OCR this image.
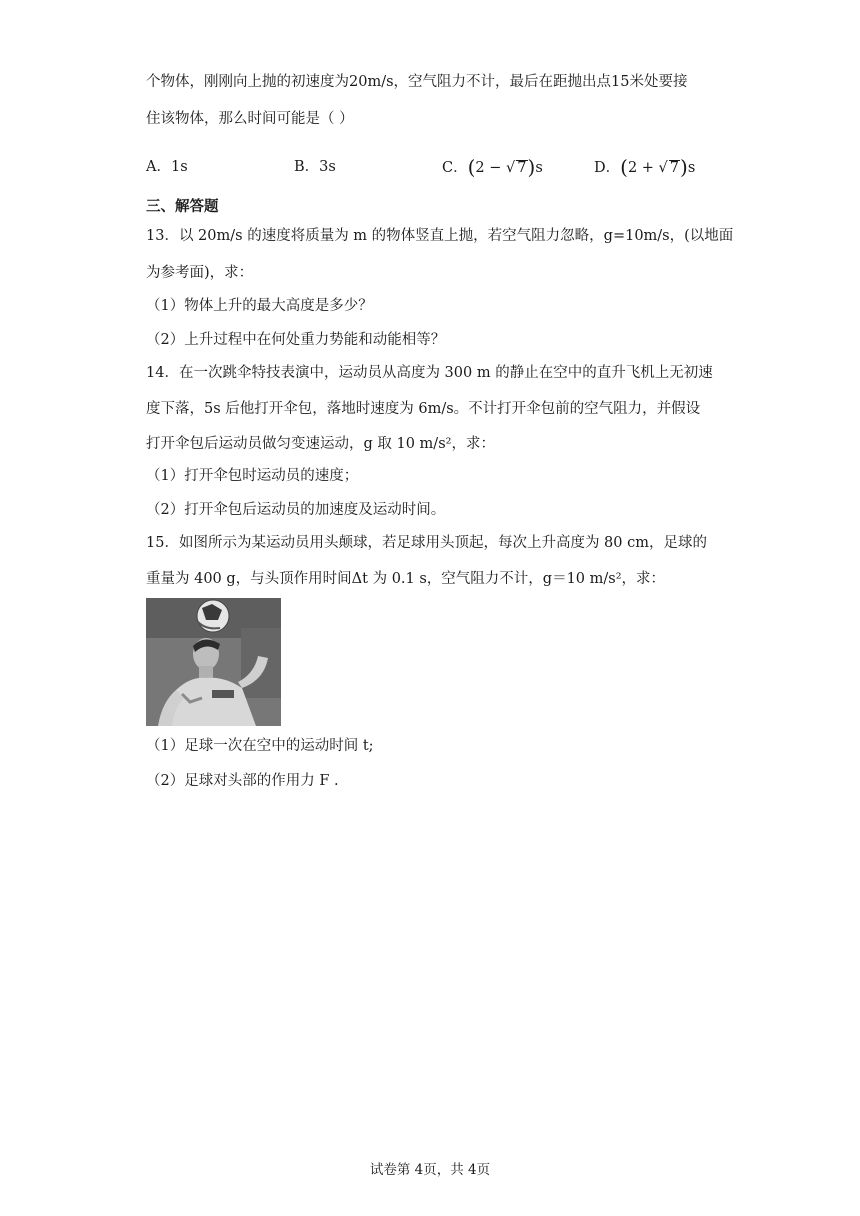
个物体，刚刚向上抛的初速度为20m/s，空气阻力不计，最后在距抛出点15米处要接
住该物体，那么时间可能是（ ）
A．1s	B．3s	C．(2 − √ 7)s	D．(2 + √ 7)s
三、解答题
13．以 20m/s 的速度将质量为 m 的物体竖直上抛，若空气阻力忽略，g=10m/s，(以地面
为参考面)，求：
（1）物体上升的最大高度是多少？
（2）上升过程中在何处重力势能和动能相等？
14．在一次跳伞特技表演中，运动员从高度为 300 m 的静止在空中的直升飞机上无初速
度下落，5s 后他打开伞包，落地时速度为 6m/s。不计打开伞包前的空气阻力，并假设
打开伞包后运动员做匀变速运动，g 取 10 m/s²，求：
（1）打开伞包时运动员的速度；
（2）打开伞包后运动员的加速度及运动时间。
15．如图所示为某运动员用头颠球，若足球用头顶起，每次上升高度为 80 cm，足球的
重量为 400 g，与头顶作用时间Δt 为 0.1 s，空气阻力不计，g＝10 m/s²，求：
（1）足球一次在空中的运动时间 t;
（2）足球对头部的作用力 F .
试卷第 4页，共 4页
